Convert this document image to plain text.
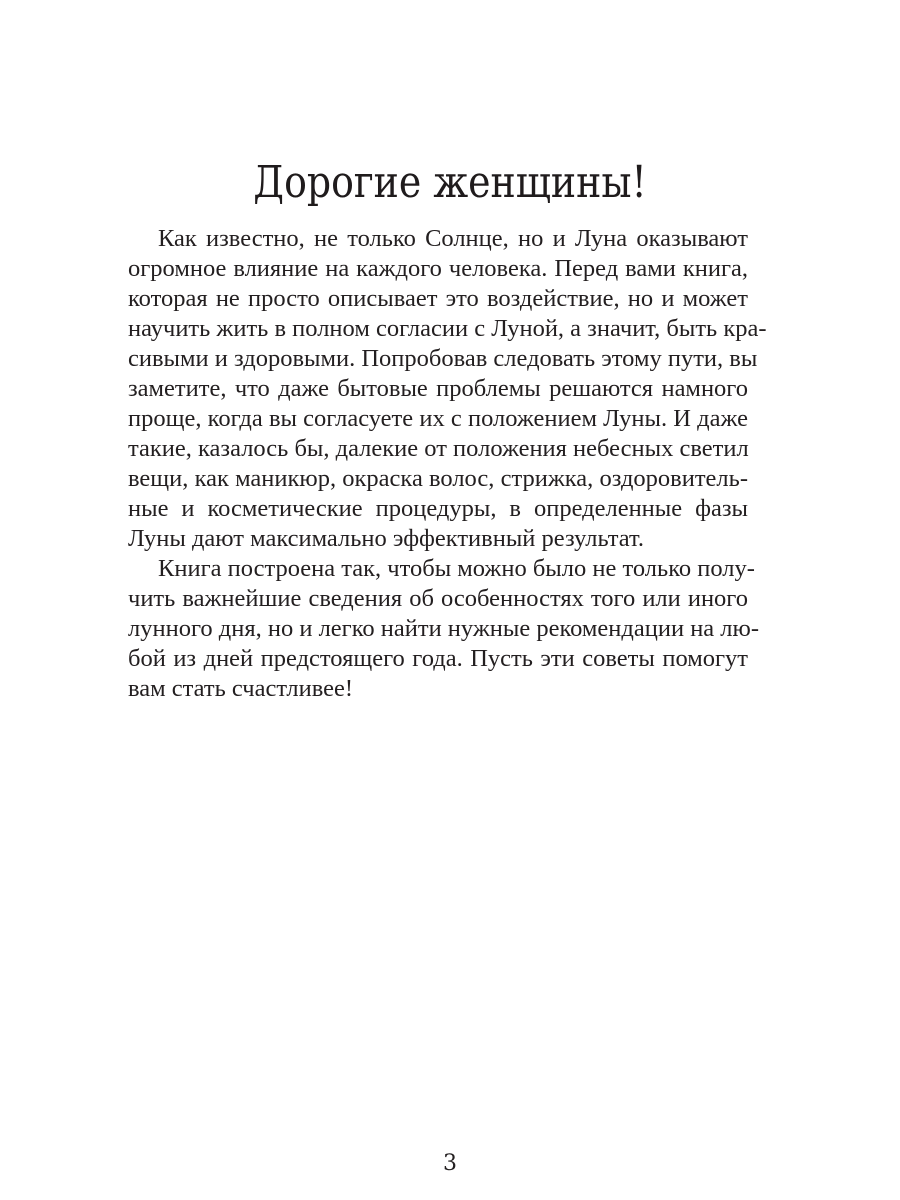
Дорогие женщины!

Как известно, не только Солнце, но и Луна оказывают
огромное влияние на каждого человека. Перед вами книга,
которая не просто описывает это воздействие, но и может
научить жить в полном согласии с Луной, а значит, быть кра-
сивыми и здоровыми. Попробовав следовать этому пути, вы
заметите, что даже бытовые проблемы решаются намного
проще, когда вы согласуете их с положением Луны. И даже
такие, казалось бы, далекие от положения небесных светил
вещи, как маникюр, окраска волос, стрижка, оздоровитель-
ные и косметические процедуры, в определенные фазы
Луны дают максимально эффективный результат.

Книга построена так, чтобы можно было не только полу-
чить важнейшие сведения об особенностях того или иного
лунного дня, но и легко найти нужные рекомендации на лю-
бой из дней предстоящего года. Пусть эти советы помогут
вам стать счастливее!

3
